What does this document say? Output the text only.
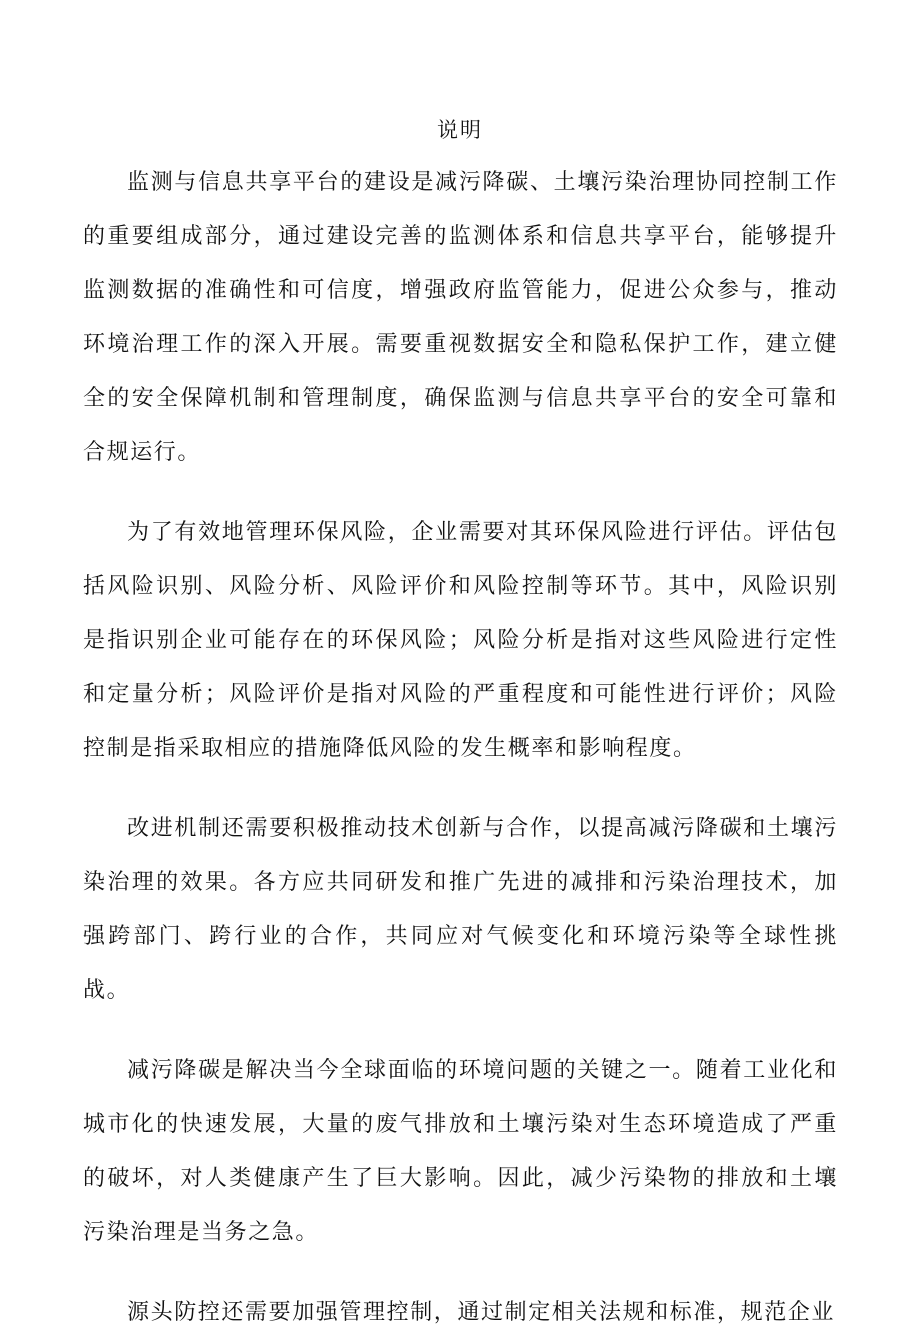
说明

监测与信息共享平台的建设是减污降碳、土壤污染治理协同控制工作的重要组成部分，通过建设完善的监测体系和信息共享平台，能够提升监测数据的准确性和可信度，增强政府监管能力，促进公众参与，推动环境治理工作的深入开展。需要重视数据安全和隐私保护工作，建立健全的安全保障机制和管理制度，确保监测与信息共享平台的安全可靠和合规运行。

为了有效地管理环保风险，企业需要对其环保风险进行评估。评估包括风险识别、风险分析、风险评价和风险控制等环节。其中，风险识别是指识别企业可能存在的环保风险；风险分析是指对这些风险进行定性和定量分析；风险评价是指对风险的严重程度和可能性进行评价；风险控制是指采取相应的措施降低风险的发生概率和影响程度。

改进机制还需要积极推动技术创新与合作，以提高减污降碳和土壤污染治理的效果。各方应共同研发和推广先进的减排和污染治理技术，加强跨部门、跨行业的合作，共同应对气候变化和环境污染等全球性挑战。

减污降碳是解决当今全球面临的环境问题的关键之一。随着工业化和城市化的快速发展，大量的废气排放和土壤污染对生态环境造成了严重的破坏，对人类健康产生了巨大影响。因此，减少污染物的排放和土壤污染治理是当务之急。

源头防控还需要加强管理控制，通过制定相关法规和标准，规范企业
